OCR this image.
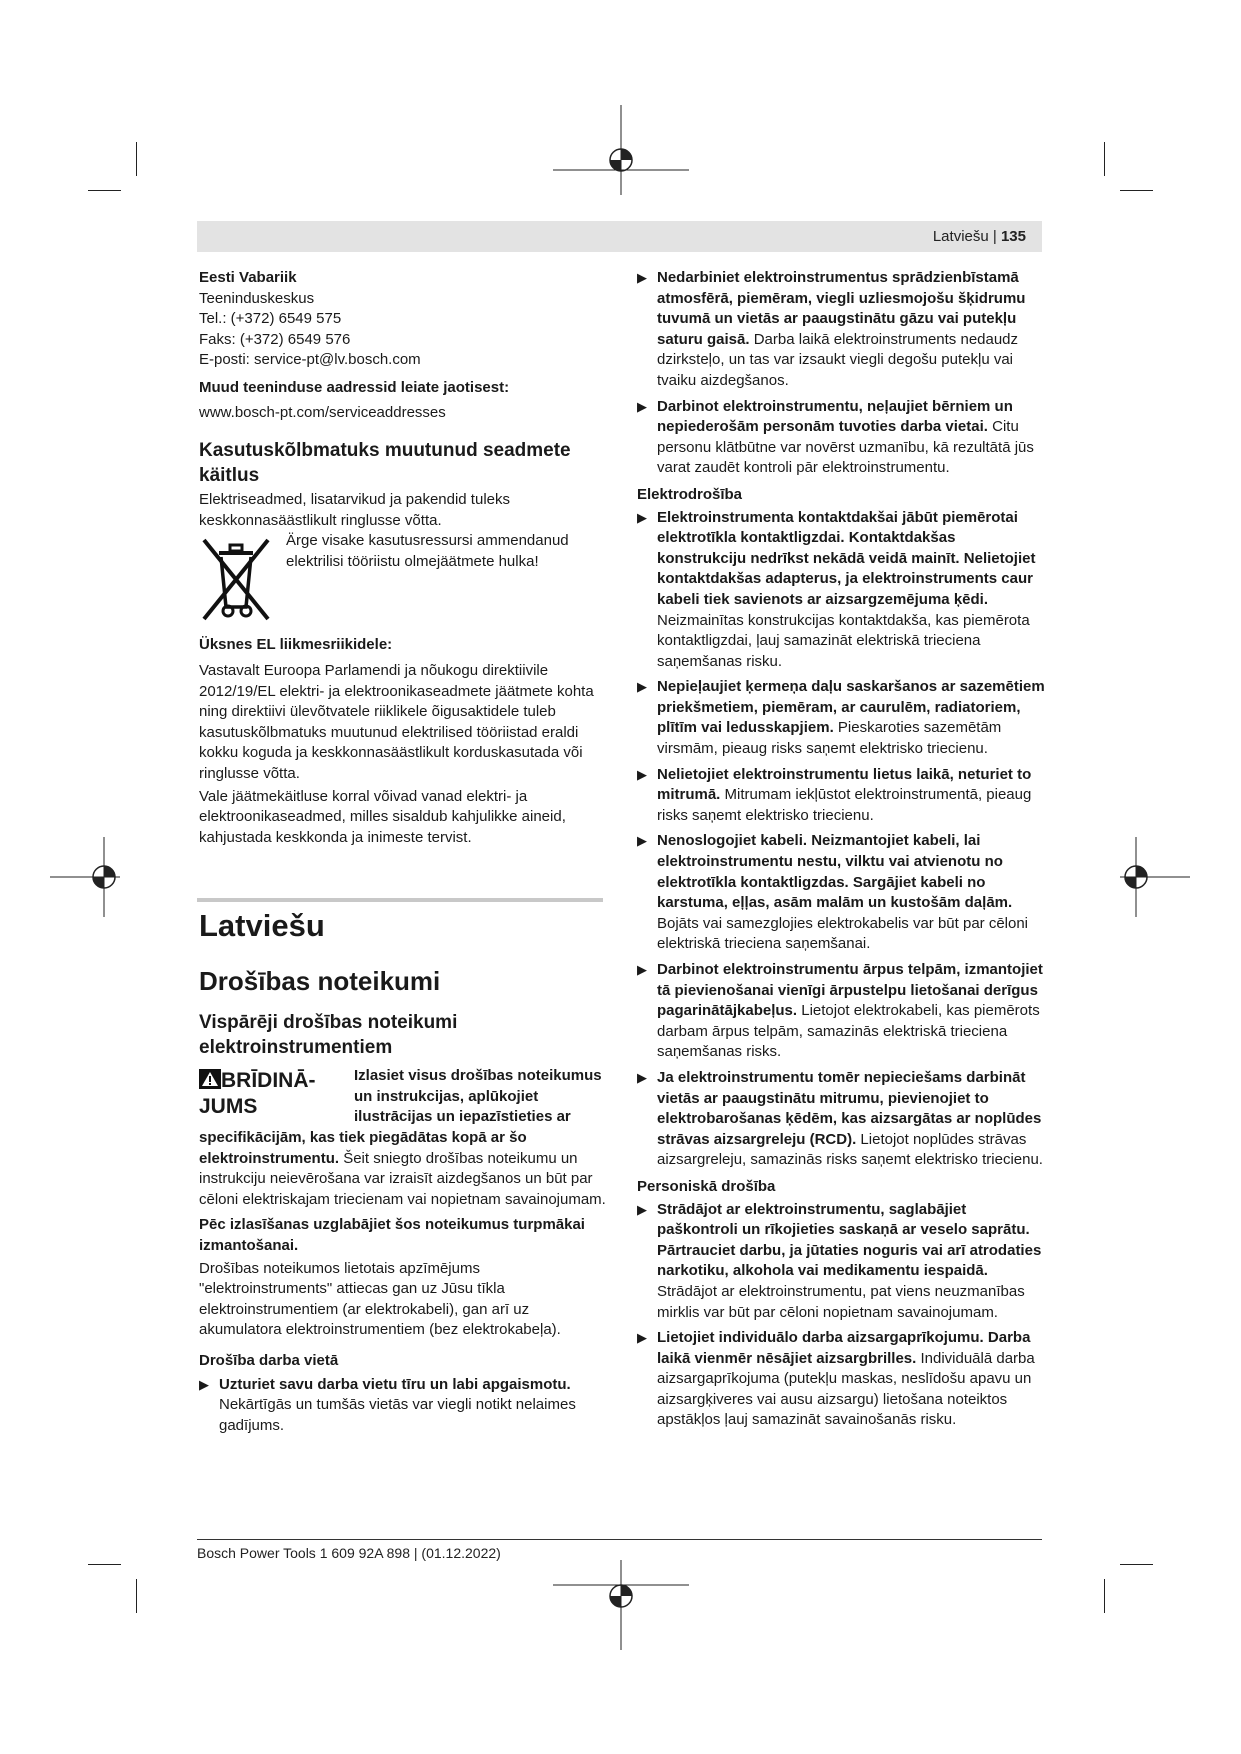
Latviešu | 135

Eesti Vabariik

Teeninduskeskus

Tel.: (+372) 6549 575

Faks: (+372) 6549 576

E-posti: service-pt@lv.bosch.com

Muud teeninduse aadressid leiate jaotisest:

www.bosch-pt.com/serviceaddresses

Kasutuskõlbmatuks muutunud seadmete käitlus

Elektriseadmed, lisatarvikud ja pakendid tuleks keskkonnasäästlikult ringlusse võtta.

Ärge visake kasutusressursi ammendanud

elektrilisi tööriistu olmejäätmete hulka!

Üksnes EL liikmesriikidele:

Vastavalt Euroopa Parlamendi ja nõukogu direktiivile 2012/19/EL elektri- ja elektroonikaseadmete jäätmete kohta ning direktiivi ülevõtvatele riiklikele õigusaktidele tuleb kasutuskõlbmatuks muutunud elektrilised tööriistad eraldi kokku koguda ja keskkonnasäästlikult korduskasutada või ringlusse võtta.

Vale jäätmekäitluse korral võivad vanad elektri- ja elektroonikaseadmed, milles sisaldub kahjulikke aineid, kahjustada keskkonda ja inimeste tervist.

Latviešu

Drošības noteikumi

Vispārēji drošības noteikumi

elektroinstrumentiem

BRĪDINĀ-
JUMS

Izlasiet visus drošības noteikumus

un instrukcijas, aplūkojiet

ilustrācijas un iepazīstieties ar

specifikācijām, kas tiek piegādātas kopā ar šo elektroinstrumentu. Šeit sniegto drošības noteikumu un instrukciju neievērošana var izraisīt aizdegšanos un būt par cēloni elektriskajam triecienam vai nopietnam savainojumam.

Pēc izlasīšanas uzglabājiet šos noteikumus turpmākai izmantošanai.

Drošības noteikumos lietotais apzīmējums "elektroinstruments" attiecas gan uz Jūsu tīkla elektroinstrumentiem (ar elektrokabeli), gan arī uz akumulatora elektroinstrumentiem (bez elektrokabeļa).

Drošība darba vietā

▶ Uzturiet savu darba vietu tīru un labi apgaismotu. Nekārtīgās un tumšās vietās var viegli notikt nelaimes gadījums.
▶ Nedarbiniet elektroinstrumentus sprādzienbīstamā atmosfērā, piemēram, viegli uzliesmojošu šķidrumu tuvumā un vietās ar paaugstinātu gāzu vai putekļu saturu gaisā. Darba laikā elektroinstruments nedaudz dzirksteļo, un tas var izsaukt viegli degošu putekļu vai tvaiku aizdegšanos.
▶ Darbinot elektroinstrumentu, neļaujiet bērniem un nepiederošām personām tuvoties darba vietai. Citu personu klātbūtne var novērst uzmanību, kā rezultātā jūs varat zaudēt kontroli pār elektroinstrumentu.

Elektrodrošība

▶ Elektroinstrumenta kontaktdakšai jābūt piemērotai elektrotīkla kontaktligzdai. Kontaktdakšas konstrukciju nedrīkst nekādā veidā mainīt. Nelietojiet kontaktdakšas adapterus, ja elektroinstruments caur kabeli tiek savienots ar aizsargzemējuma ķēdi. Neizmainītas konstrukcijas kontaktdakša, kas piemērota kontaktligzdai, ļauj samazināt elektriskā trieciena saņemšanas risku.
▶ Nepieļaujiet ķermeņa daļu saskaršanos ar sazemētiem priekšmetiem, piemēram, ar caurulēm, radiatoriem, plītīm vai ledusskapjiem. Pieskaroties sazemētām virsmām, pieaug risks saņemt elektrisko triecienu.
▶ Nelietojiet elektroinstrumentu lietus laikā, neturiet to mitrumā. Mitrumam iekļūstot elektroinstrumentā, pieaug risks saņemt elektrisko triecienu.
▶ Nenoslogojiet kabeli. Neizmantojiet kabeli, lai elektroinstrumentu nestu, vilktu vai atvienotu no elektrotīkla kontaktligzdas. Sargājiet kabeli no karstuma, eļļas, asām malām un kustošām daļām. Bojāts vai samezglojies elektrokabelis var būt par cēloni elektriskā trieciena saņemšanai.
▶ Darbinot elektroinstrumentu ārpus telpām, izmantojiet tā pievienošanai vienīgi ārpustelpu lietošanai derīgus pagarinātājkabeļus. Lietojot elektrokabeli, kas piemērots darbam ārpus telpām, samazinās elektriskā trieciena saņemšanas risks.
▶ Ja elektroinstrumentu tomēr nepieciešams darbināt vietās ar paaugstinātu mitrumu, pievienojiet to elektrobarošanas ķēdēm, kas aizsargātas ar noplūdes strāvas aizsargreleju (RCD). Lietojot noplūdes strāvas aizsargreleju, samazinās risks saņemt elektrisko triecienu.

Personiskā drošība

▶ Strādājot ar elektroinstrumentu, saglabājiet paškontroli un rīkojieties saskaņā ar veselo saprātu. Pārtrauciet darbu, ja jūtaties noguris vai arī atrodaties narkotiku, alkohola vai medikamentu iespaidā. Strādājot ar elektroinstrumentu, pat viens neuzmanības mirklis var būt par cēloni nopietnam savainojumam.
▶ Lietojiet individuālo darba aizsargaprīkojumu. Darba laikā vienmēr nēsājiet aizsargbrilles. Individuālā darba aizsargaprīkojuma (putekļu maskas, neslīdošu apavu un aizsargķiveres vai ausu aizsargu) lietošana noteiktos apstākļos ļauj samazināt savainošanās risku.
Bosch Power Tools 1 609 92A 898 | (01.12.2022)
